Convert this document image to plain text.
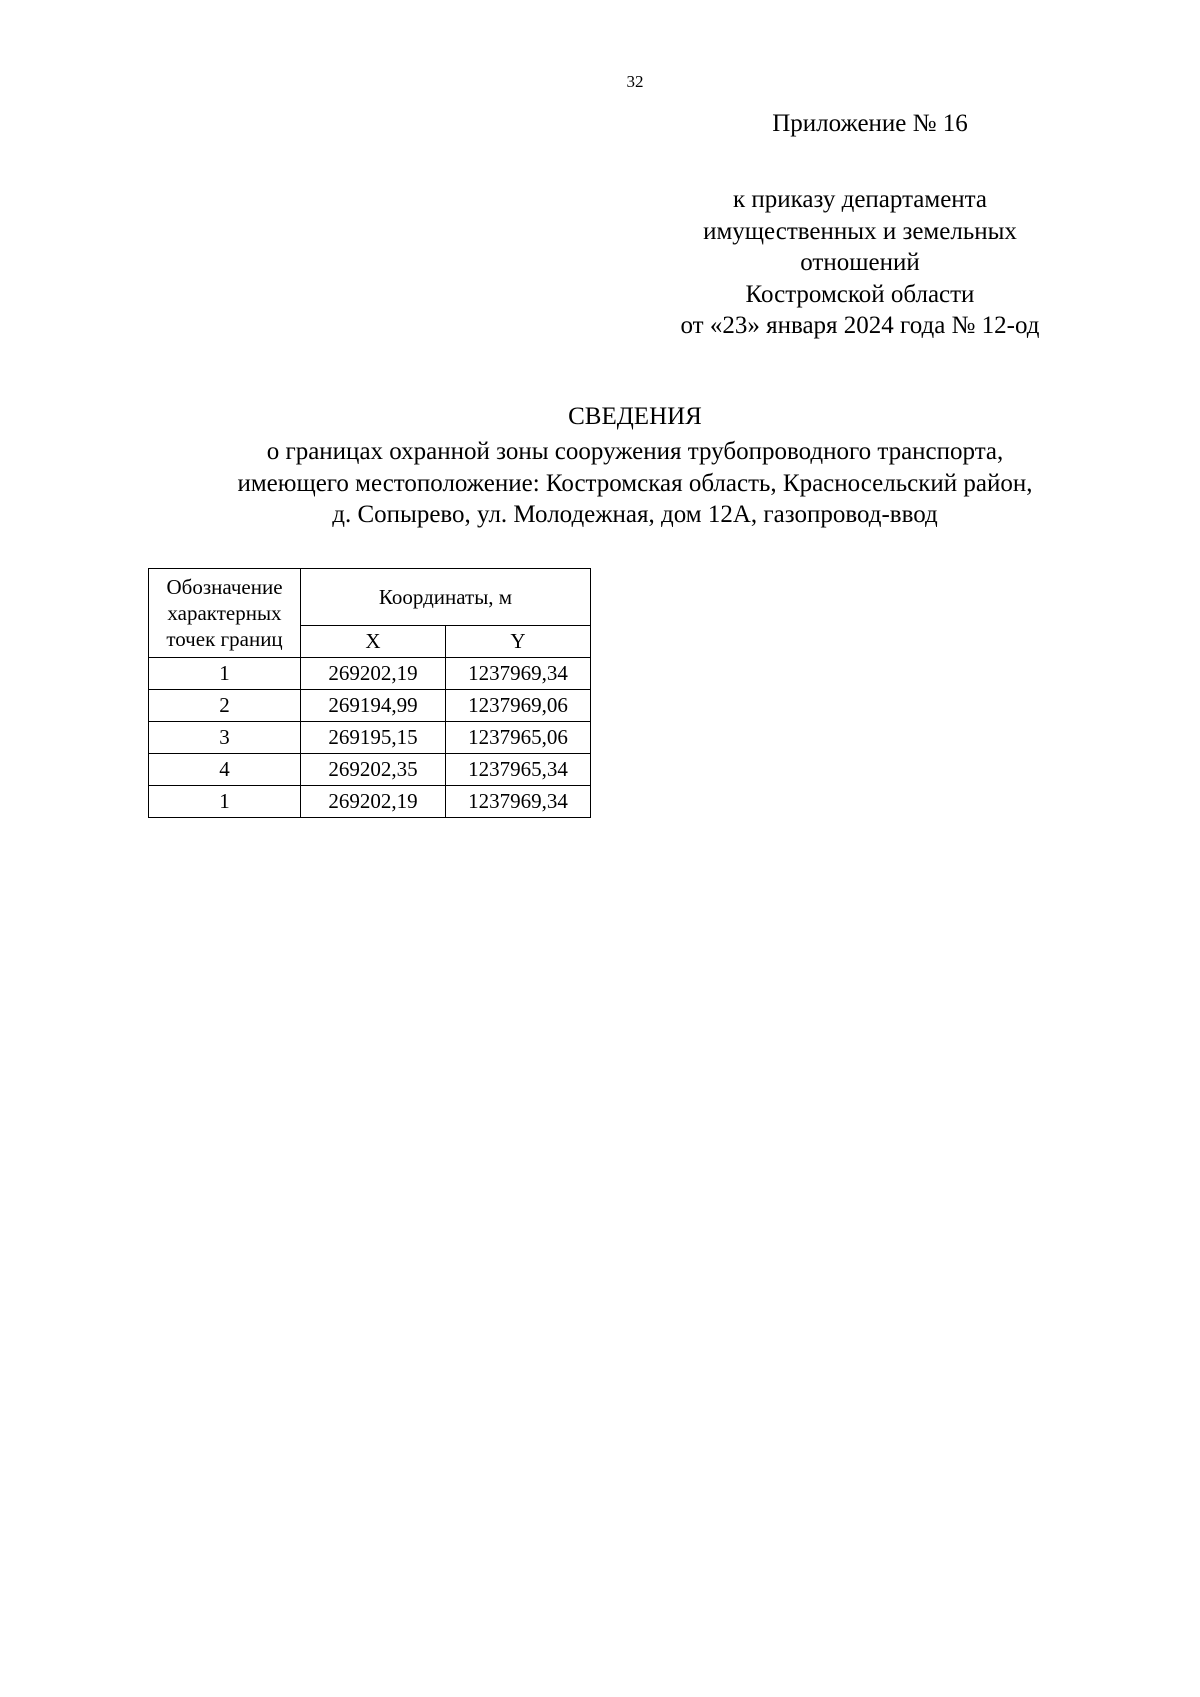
32
Приложение № 16
к приказу департамента
имущественных и земельных
отношений
Костромской области
от «23» января 2024 года № 12-од
СВЕДЕНИЯ
о границах охранной зоны сооружения трубопроводного транспорта,
имеющего местоположение: Костромская область, Красносельский район,
д. Сопырево, ул. Молодежная, дом 12А, газопровод-ввод
Обозначение
характерных
точек границ	Координаты, м	
	X	Y
1	269202,19	1237969,34
2	269194,99	1237969,06
3	269195,15	1237965,06
4	269202,35	1237965,34
1	269202,19	1237969,34
